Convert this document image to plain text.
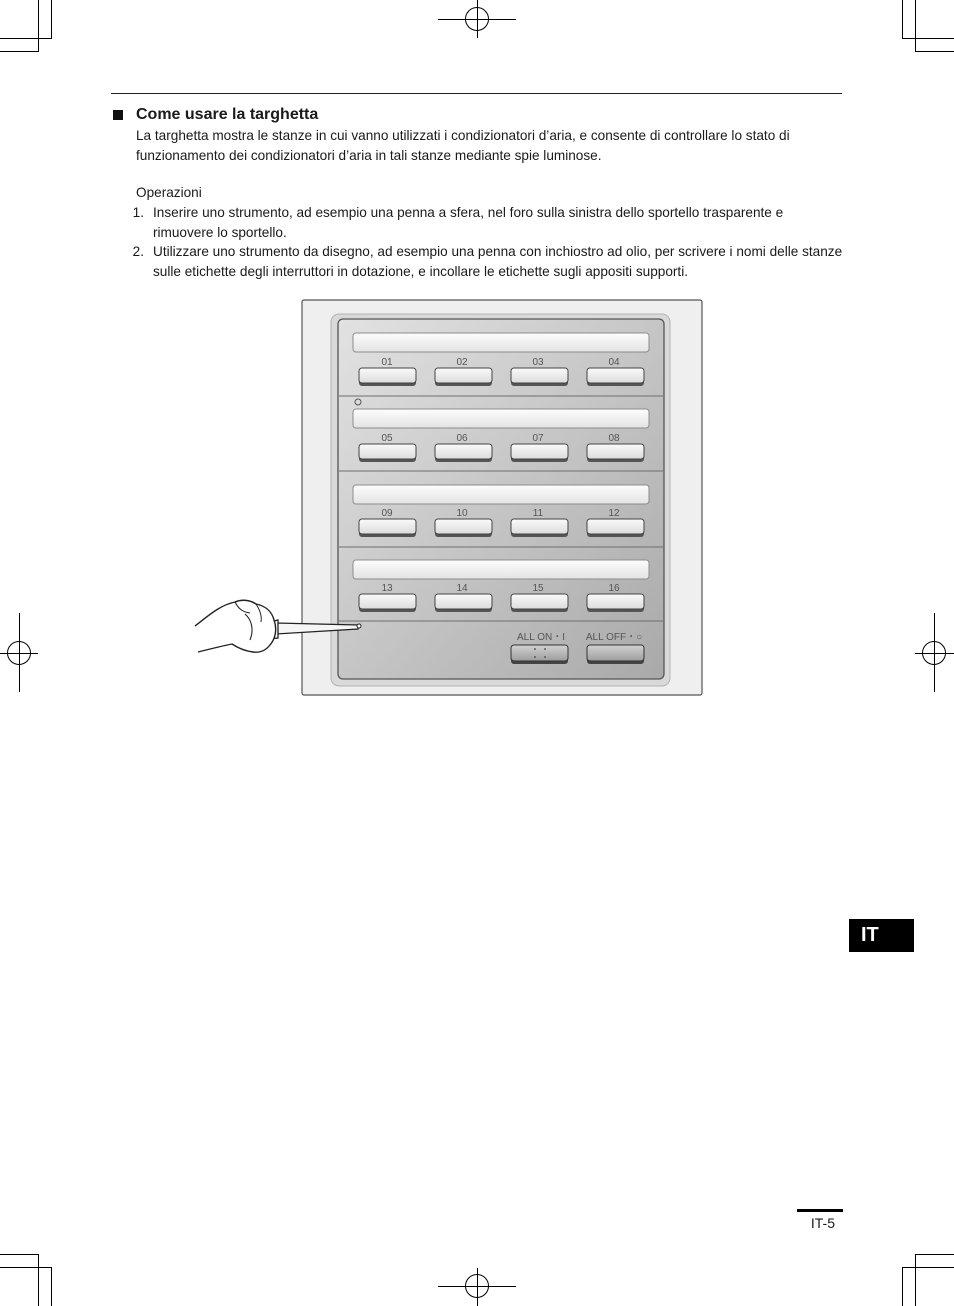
Come usare la targhetta

La targhetta mostra le stanze in cui vanno utilizzati i condizionatori d’aria, e consente di controllare lo stato di funzionamento dei condizionatori d’aria in tali stanze mediante spie luminose.

Operazioni
1. Inserire uno strumento, ad esempio una penna a sfera, nel foro sulla sinistra dello sportello trasparente e rimuovere lo sportello.
2. Utilizzare uno strumento da disegno, ad esempio una penna con inchiostro ad olio, per scrivere i nomi delle stanze sulle etichette degli interruttori in dotazione, e incollare le etichette sugli appositi supporti.
01	02	03	04
05	06	07	08
09	10	11	12
13	14	15	16
ALL ON・I ALL OFF・○
IT
IT-5
